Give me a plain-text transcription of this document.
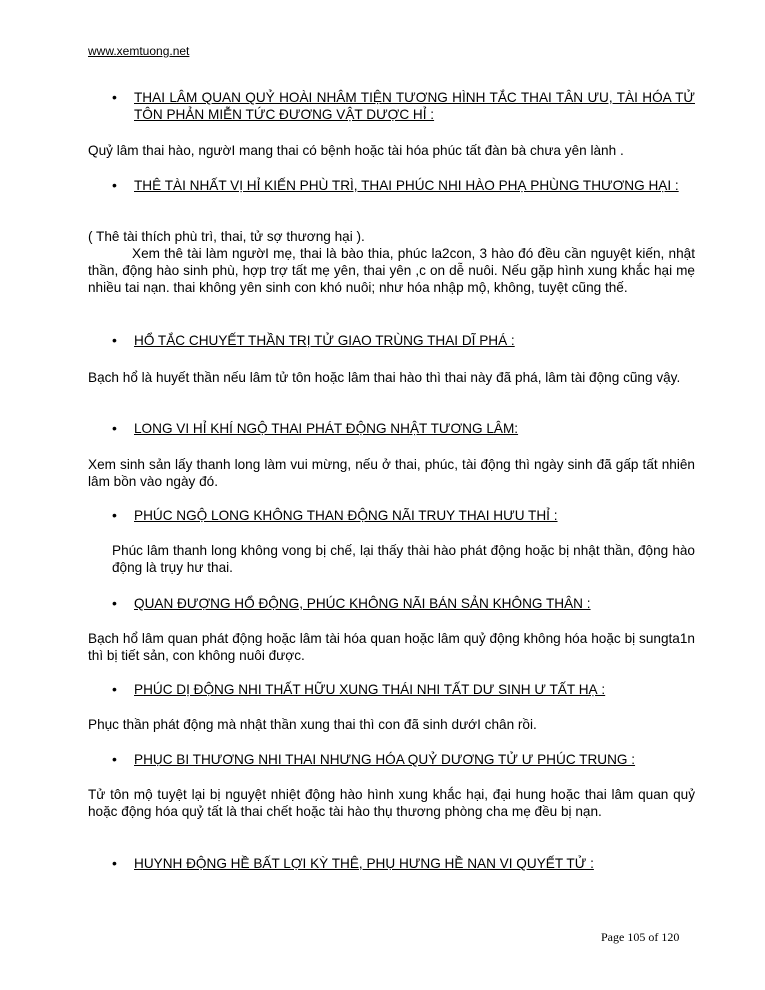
www.xemtuong.net
•	THAI LÂM QUAN QUỶ HOÀI NHÂM TIỆN TƯƠNG HÌNH TẮC THAI TÂN ƯU, TÀI HÓA TỬ TÔN PHẢN MIỄN TỨC ĐƯƠNG VẬT DƯỢC HỈ :
Quỷ lâm thai hào, ngườI mang thai có bệnh hoặc tài hóa phúc tất đàn bà chưa yên lành .
•	THÊ TÀI NHẤT VỊ HỈ KIẾN PHÙ TRÌ, THAI PHÚC NHI HÀO PHẠ PHÙNG THƯƠNG HẠI :
( Thê tài thích phù trì, thai, tử sợ thương hại ).
Xem thê tài làm ngườI mẹ, thai là bào thia, phúc la2con, 3 hào đó đều cần nguyệt kiến, nhật thần, động hào sinh phù, hợp trợ tất mẹ yên, thai yên ,c on dễ nuôi. Nếu gặp hình xung khắc hại mẹ nhiều tai nạn. thai không yên sinh con khó nuôi; như hóa nhập mộ, không, tuyệt cũng thế.
•	HỔ TẮC CHUYẾT THẦN TRỊ TỬ GIAO TRÙNG THAI DĨ PHÁ :
Bạch hổ là huyết thần nếu lâm tử tôn hoặc lâm thai hào thì thai này đã phá, lâm tài động cũng vậy.
•	LONG VI HỈ KHÍ NGỘ THAI PHÁT ĐỘNG NHẬT TƯƠNG LÂM:
Xem sinh sản lấy thanh long làm vui mừng, nếu ở thai, phúc, tài động thì ngày sinh đã gấp tất nhiên lâm bồn vào ngày đó.
•	PHÚC NGỘ LONG KHÔNG THAN ĐỘNG NÃI TRUY THAI HƯU THỈ :
Phúc lâm thanh long không vong bị chế, lại thấy thài hào phát động hoặc bị nhật thần, động hào động là trụy hư thai.
•	QUAN ĐƯỢNG HỔ ĐỘNG, PHÚC KHÔNG NÃI BÁN SẢN KHÔNG THÂN :
Bạch hổ lâm quan phát động hoặc lâm tài hóa quan hoặc lâm quỷ động không hóa hoặc bị sungta1n thì bị tiết sản, con không nuôi được.
•	PHÚC DỊ ĐỘNG NHI THẤT HỮU XUNG THÁI NHI TẤT DƯ SINH Ư TẤT HẠ :
Phục thần phát động mà nhật thần xung thai thì con đã sinh dướI chân rồi.
•	PHỤC BI THƯƠNG NHI THAI NHƯNG HÓA QUỶ DƯƠNG TỬ Ư PHÚC TRUNG :
Tử tôn mộ tuyệt lại bị nguyệt nhiệt động hào hình xung khắc hại, đại hung hoặc thai lâm quan quỷ hoặc động hóa quỷ tất là thai chết hoặc tài hào thụ thương phòng cha mẹ đều bị nạn.
•	HUYNH ĐỘNG HỀ BẤT LỢI KỲ THÊ, PHỤ HƯNG HỀ NAN VI QUYẾT TỬ :
Page 105 of 120
